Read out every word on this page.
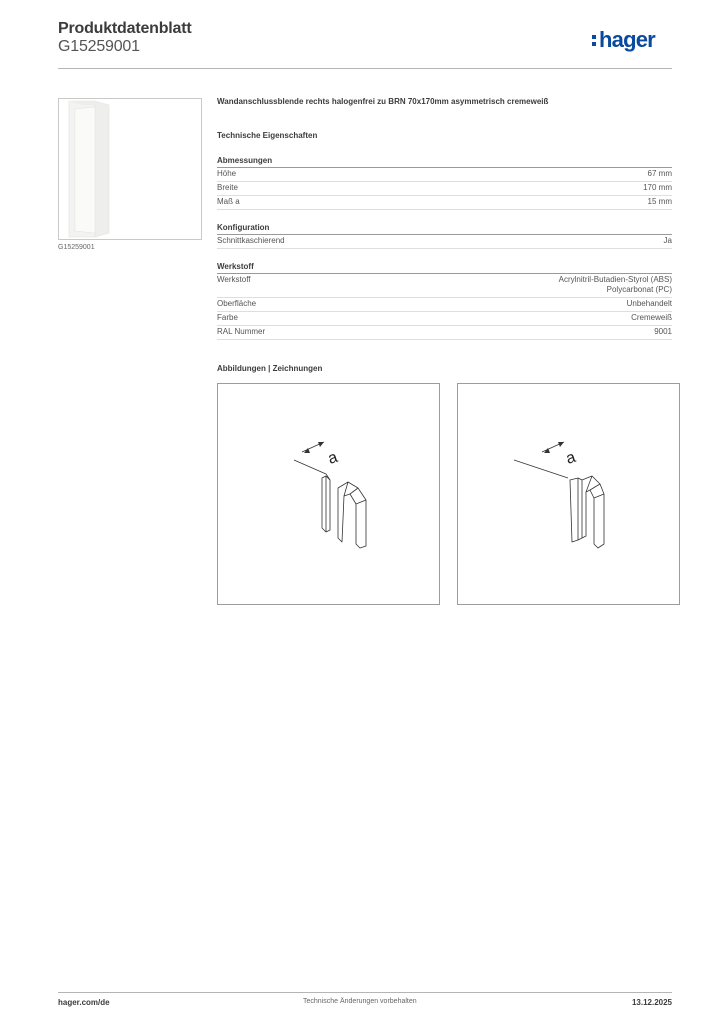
Produktdatenblatt
G15259001	hager
G15259001
Wandanschlussblende rechts halogenfrei zu BRN 70x170mm asymmetrisch cremeweiß
Technische Eigenschaften
Abmessungen
Höhe	67 mm
Breite	170 mm
Maß a	15 mm
Konfiguration
Schnittkaschierend	Ja
Werkstoff
Werkstoff	Acrylnitril-Butadien-Styrol (ABS)
Polycarbonat (PC)
Oberfläche	Unbehandelt
Farbe	Cremeweiß
RAL Nummer	9001
Abbildungen | Zeichnungen
a	a
hager.com/de	Technische Änderungen vorbehalten	13.12.2025
